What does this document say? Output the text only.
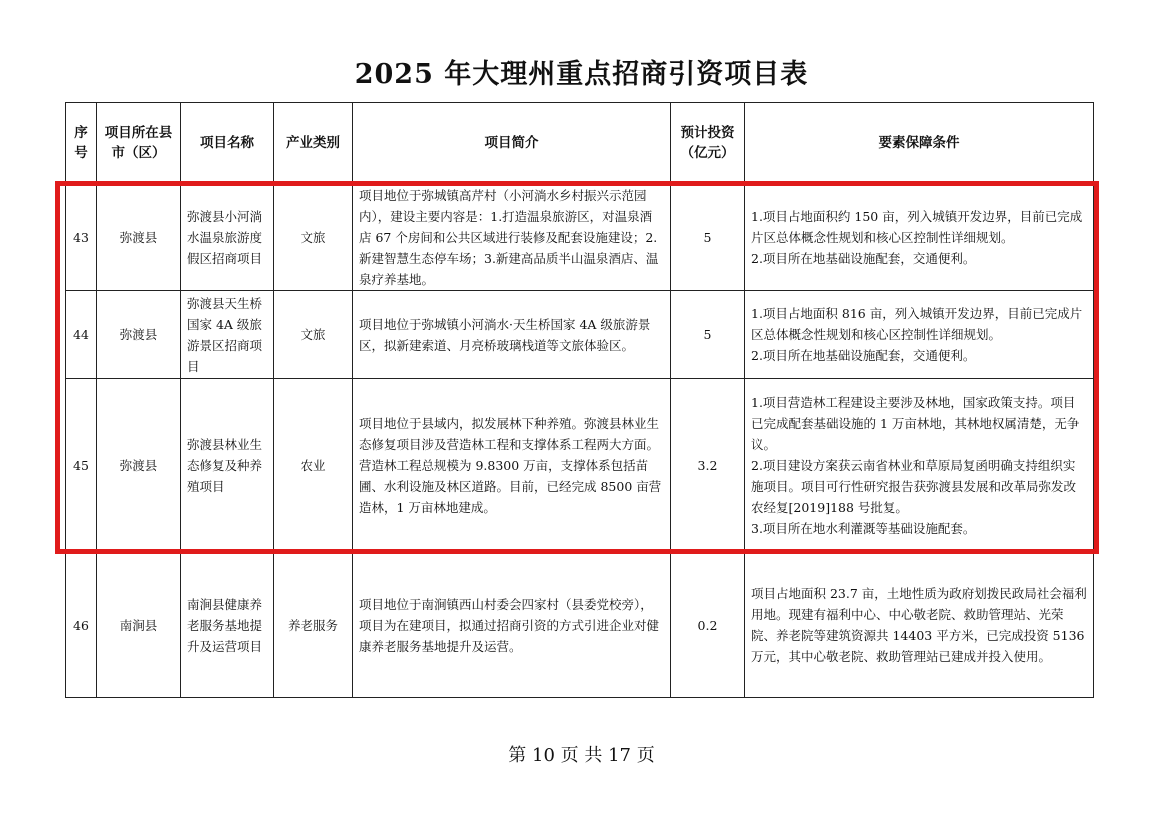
2025 年大理州重点招商引资项目表
序号	项目所在县市（区）	项目名称	产业类别	项目简介	预计投资（亿元）	要素保障条件
43	弥渡县	弥渡县小河淌水温泉旅游度假区招商项目	文旅	项目地位于弥城镇高芹村（小河淌水乡村振兴示范园内），建设主要内容是：1.打造温泉旅游区，对温泉酒店 67 个房间和公共区域进行装修及配套设施建设；2.新建智慧生态停车场；3.新建高品质半山温泉酒店、温泉疗养基地。	5	1.项目占地面积约 150 亩，列入城镇开发边界，目前已完成片区总体概念性规划和核心区控制性详细规划。
2.项目所在地基础设施配套，交通便利。
44	弥渡县	弥渡县天生桥国家 4A 级旅游景区招商项目	文旅	项目地位于弥城镇小河淌水·天生桥国家 4A 级旅游景区，拟新建索道、月亮桥玻璃栈道等文旅体验区。	5	1.项目占地面积 816 亩，列入城镇开发边界，目前已完成片区总体概念性规划和核心区控制性详细规划。
2.项目所在地基础设施配套，交通便利。
45	弥渡县	弥渡县林业生态修复及种养殖项目	农业	项目地位于县域内，拟发展林下种养殖。弥渡县林业生态修复项目涉及营造林工程和支撑体系工程两大方面。营造林工程总规模为 9.8300 万亩，支撑体系包括苗圃、水利设施及林区道路。目前，已经完成 8500 亩营造林，1 万亩林地建成。	3.2	1.项目营造林工程建设主要涉及林地，国家政策支持。项目已完成配套基础设施的 1 万亩林地，其林地权属清楚，无争议。
2.项目建设方案获云南省林业和草原局复函明确支持组织实施项目。项目可行性研究报告获弥渡县发展和改革局弥发改农经复[2019]188 号批复。
3.项目所在地水利灌溉等基础设施配套。
46	南涧县	南涧县健康养老服务基地提升及运营项目	养老服务	项目地位于南涧镇西山村委会四家村（县委党校旁），项目为在建项目，拟通过招商引资的方式引进企业对健康养老服务基地提升及运营。	0.2	项目占地面积 23.7 亩，土地性质为政府划拨民政局社会福利用地。现建有福利中心、中心敬老院、救助管理站、光荣院、养老院等建筑资源共 14403 平方米，已完成投资 5136 万元，其中心敬老院、救助管理站已建成并投入使用。
第 10 页 共 17 页
